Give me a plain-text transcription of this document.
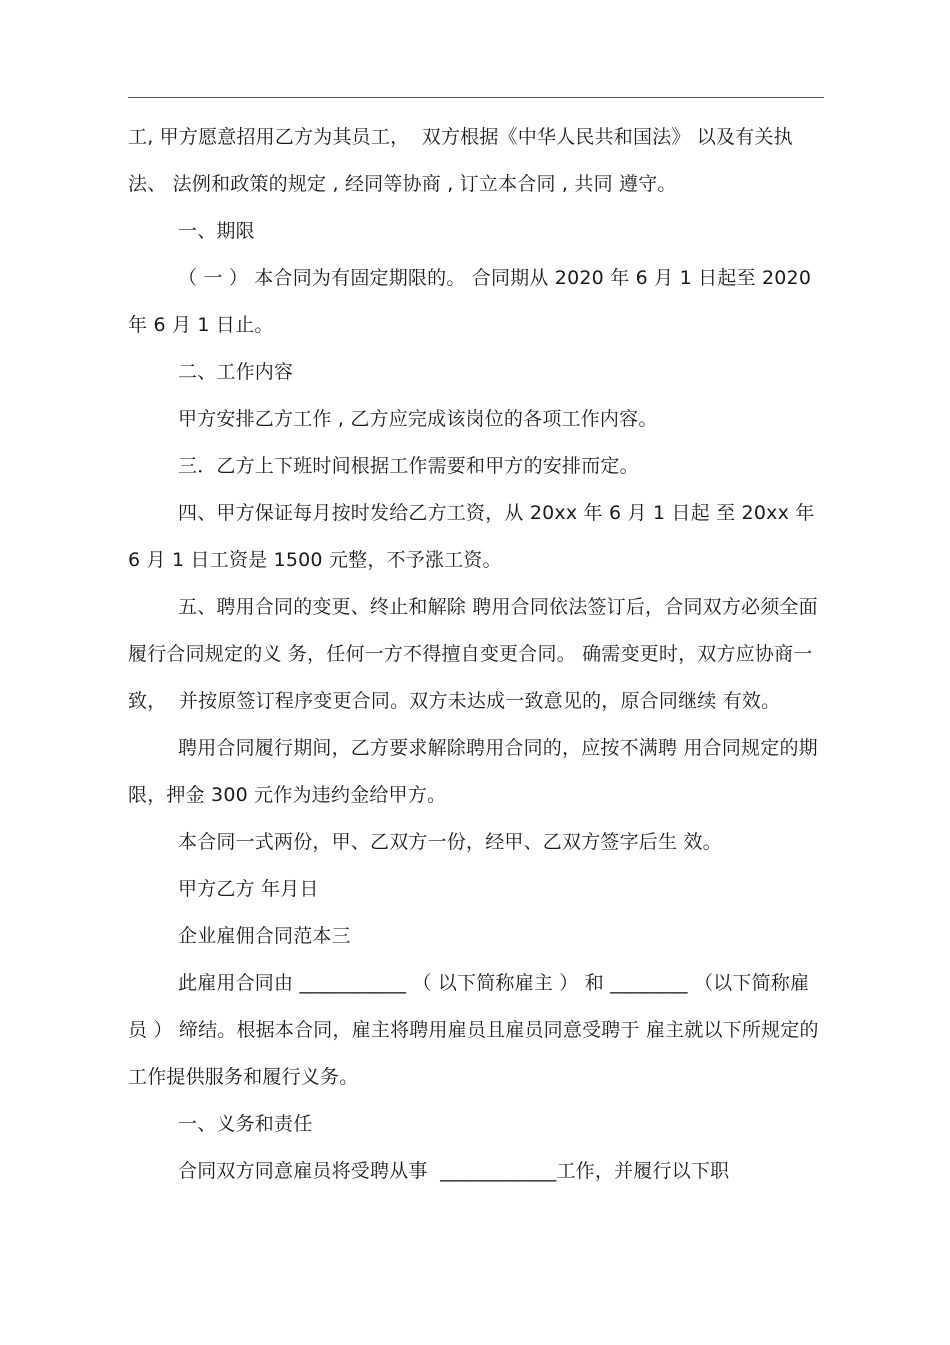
工, 甲方愿意招用乙方为其员工，  双方根据《中华人民共和国法》 以及有关执法、 法例和政策的规定 , 经同等协商 , 订立本合同 , 共同 遵守。

一、期限

（ 一 ） 本合同为有固定期限的。 合同期从 2020 年 6 月 1 日起至 2020 年 6 月 1 日止。

二、工作内容

甲方安排乙方工作 , 乙方应完成该岗位的各项工作内容。

三．乙方上下班时间根据工作需要和甲方的安排而定。

四、甲方保证每月按时发给乙方工资，从 20xx 年 6 月 1 日起 至 20xx 年 6 月 1 日工资是 1500 元整，不予涨工资。

五、聘用合同的变更、终止和解除 聘用合同依法签订后，合同双方必须全面履行合同规定的义 务，任何一方不得擅自变更合同。 确需变更时，双方应协商一致，  并按原签订程序变更合同。双方未达成一致意见的，原合同继续 有效。

聘用合同履行期间，乙方要求解除聘用合同的，应按不满聘 用合同规定的期限，押金 300 元作为违约金给甲方。

本合同一式两份，甲、乙双方一份，经甲、乙双方签字后生 效。

甲方乙方 年月日

企业雇佣合同范本三

此雇用合同由 ___________ （ 以下简称雇主 ） 和 ________ （以下简称雇员 ） 缔结。根据本合同，雇主将聘用雇员且雇员同意受聘于 雇主就以下所规定的工作提供服务和履行义务。

一、义务和责任

合同双方同意雇员将受聘从事  ____________工作，并履行以下职
